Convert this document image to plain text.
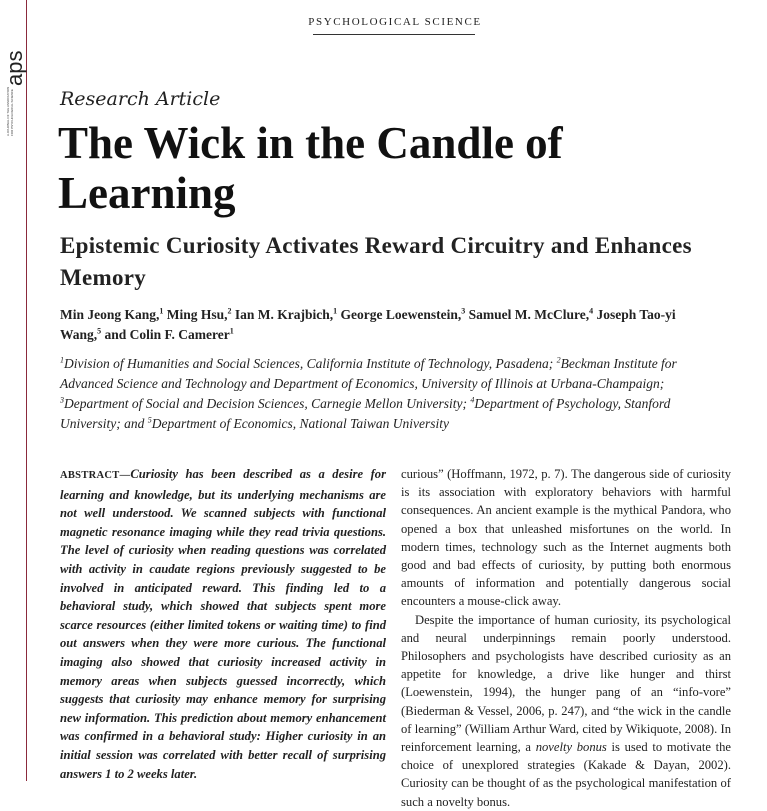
aps
A JOURNAL OF THE ASSOCIATION FOR PSYCHOLOGICAL SCIENCE
PSYCHOLOGICAL SCIENCE
Research Article
The Wick in the Candle of Learning
Epistemic Curiosity Activates Reward Circuitry and Enhances Memory
Min Jeong Kang,$^1$ Ming Hsu,$^2$ Ian M. Krajbich,$^1$ George Loewenstein,$^3$ Samuel M. McClure,$^4$ Joseph Tao-yi Wang,$^5$ and Colin F. Camerer$^1$
$^1$Division of Humanities and Social Sciences, California Institute of Technology, Pasadena; $^2$Beckman Institute for Advanced Science and Technology and Department of Economics, University of Illinois at Urbana-Champaign; $^3$Department of Social and Decision Sciences, Carnegie Mellon University; $^4$Department of Psychology, Stanford University; and $^5$Department of Economics, National Taiwan University
ABSTRACT—Curiosity has been described as a desire for learning and knowledge, but its underlying mechanisms are not well understood. We scanned subjects with functional magnetic resonance imaging while they read trivia questions. The level of curiosity when reading questions was correlated with activity in caudate regions previously suggested to be involved in anticipated reward. This finding led to a behavioral study, which showed that subjects spent more scarce resources (either limited tokens or waiting time) to find out answers when they were more curious. The functional imaging also showed that curiosity increased activity in memory areas when subjects guessed incorrectly, which suggests that curiosity may enhance memory for surprising new information. This prediction about memory enhancement was confirmed in a behavioral study: Higher curiosity in an initial session was correlated with better recall of surprising answers 1 to 2 weeks later.

curious” (Hoffmann, 1972, p. 7). The dangerous side of curiosity is its association with exploratory behaviors with harmful consequences. An ancient example is the mythical Pandora, who opened a box that unleashed misfortunes on the world. In modern times, technology such as the Internet augments both good and bad effects of curiosity, by putting both enormous amounts of information and potentially dangerous social encounters a mouse-click away.

Despite the importance of human curiosity, its psychological and neural underpinnings remain poorly understood. Philosophers and psychologists have described curiosity as an appetite for knowledge, a drive like hunger and thirst (Loewenstein, 1994), the hunger pang of an “info-vore” (Biederman & Vessel, 2006, p. 247), and “the wick in the candle of learning” (William Arthur Ward, cited by Wikiquote, 2008). In reinforcement learning, a novelty bonus is used to motivate the choice of unexplored strategies (Kakade & Dayan, 2002). Curiosity can be thought of as the psychological manifestation of such a novelty bonus.
